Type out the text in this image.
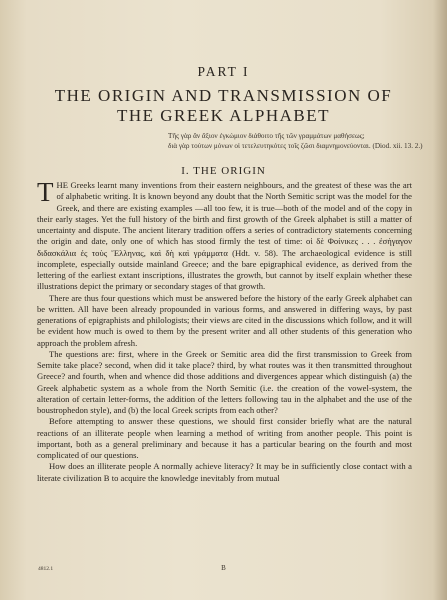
PART I
THE ORIGIN AND TRANSMISSION OF
THE GREEK ALPHABET
Τῆς γὰρ ἂν ἄξιον ἐγκώμιον διάθοιτο τῆς τῶν γραμμάτων μαθήσεως;
διὰ γὰρ τούτων μόνων οἱ τετελευτηκότες τοῖς ζῶσι διαμνημονεύονται. (Diod. xii. 13. 2.)
I. THE ORIGIN

THE Greeks learnt many inventions from their eastern neighbours, and the greatest of these was the art of alphabetic writing. It is known beyond any doubt that the North Semitic script was the model for the Greek, and there are existing examples —all too few, it is true—both of the model and of the copy in their early stages. Yet the full history of the birth and first growth of the Greek alphabet is still a matter of uncertainty and dispute. The ancient literary tradition offers a series of contradictory statements concerning the origin and date, only one of which has stood firmly the test of time: οἱ δὲ Φοίνικες . . . ἐσήγαγον διδασκάλια ἐς τοὺς Ἕλληνας, καὶ δὴ καὶ γράμματα (Hdt. v. 58). The archaeological evidence is still incomplete, especially outside mainland Greece; and the bare epigraphical evidence, as derived from the lettering of the earliest extant inscriptions, illustrates the growth, but cannot by itself explain whether these illustrations depict the primary or secondary stages of that growth.

There are thus four questions which must be answered before the history of the early Greek alphabet can be written. All have been already propounded in various forms, and answered in differing ways, by past generations of epigraphists and philologists; their views are cited in the discussions which follow, and it will be evident how much is owed to them by the present writer and all other students of this generation who approach the problem afresh.

The questions are: first, where in the Greek or Semitic area did the first transmission to Greek from Semite take place? second, when did it take place? third, by what routes was it then transmitted throughout Greece? and fourth, when and whence did those additions and divergences appear which distinguish (a) the Greek alphabetic system as a whole from the North Semitic (i.e. the creation of the vowel-system, the alteration of certain letter-forms, the addition of the letters following tau in the alphabet and the use of the boustrophedon style), and (b) the local Greek scripts from each other?

Before attempting to answer these questions, we should first consider briefly what are the natural reactions of an illiterate people when learning a method of writing from another people. This point is important, both as a general preliminary and because it has a particular bearing on the fourth and most complicated of our questions.

How does an illiterate people A normally achieve literacy? It may be in sufficiently close contact with a literate civilization B to acquire the knowledge inevitably from mutual

4812.1	B
